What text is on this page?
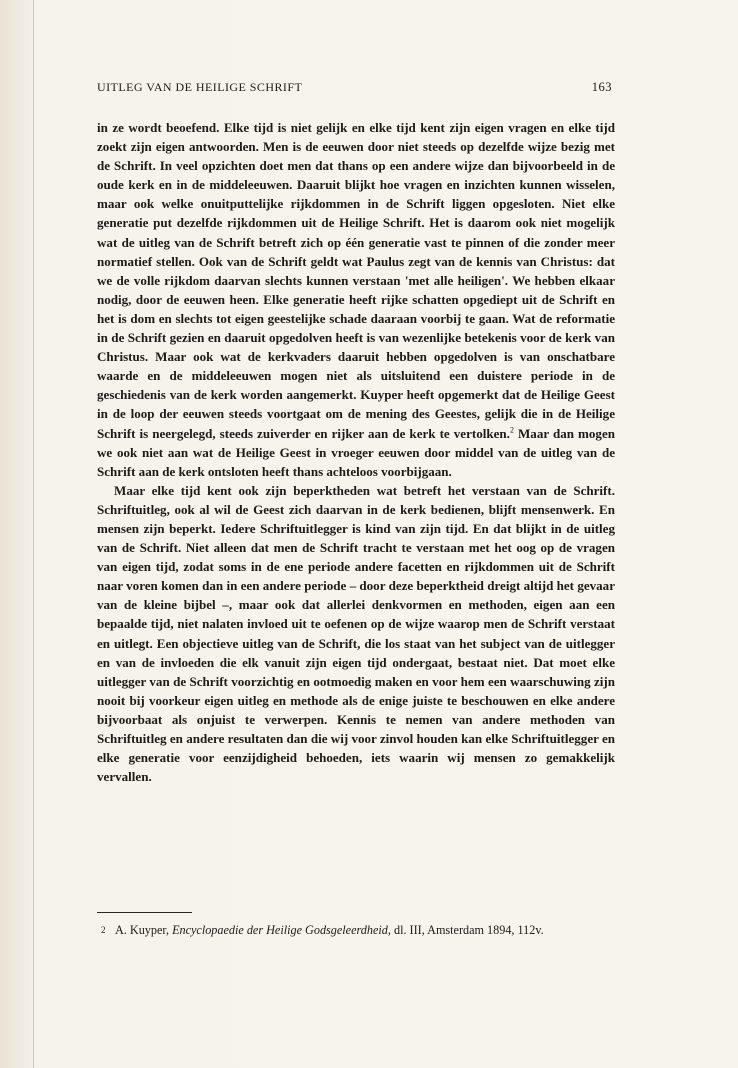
UITLEG VAN DE HEILIGE SCHRIFT	163

in ze wordt beoefend. Elke tijd is niet gelijk en elke tijd kent zijn eigen vragen en elke tijd zoekt zijn eigen antwoorden. Men is de eeuwen door niet steeds op dezelfde wijze bezig met de Schrift. In veel opzichten doet men dat thans op een andere wijze dan bijvoorbeeld in de oude kerk en in de middeleeuwen. Daaruit blijkt hoe vragen en inzichten kunnen wisselen, maar ook welke onuitputtelijke rijkdommen in de Schrift liggen opgesloten. Niet elke generatie put dezelfde rijkdommen uit de Heilige Schrift. Het is daarom ook niet mogelijk wat de uitleg van de Schrift betreft zich op één generatie vast te pinnen of die zonder meer normatief stellen. Ook van de Schrift geldt wat Paulus zegt van de kennis van Christus: dat we de volle rijkdom daarvan slechts kunnen verstaan 'met alle heiligen'. We hebben elkaar nodig, door de eeuwen heen. Elke generatie heeft rijke schatten opgediept uit de Schrift en het is dom en slechts tot eigen geestelijke schade daaraan voorbij te gaan. Wat de reformatie in de Schrift gezien en daaruit opgedolven heeft is van wezenlijke betekenis voor de kerk van Christus. Maar ook wat de kerkvaders daaruit hebben opgedolven is van onschatbare waarde en de middeleeuwen mogen niet als uitsluitend een duistere periode in de geschiedenis van de kerk worden aangemerkt. Kuyper heeft opgemerkt dat de Heilige Geest in de loop der eeuwen steeds voortgaat om de mening des Geestes, gelijk die in de Heilige Schrift is neergelegd, steeds zuiverder en rijker aan de kerk te vertolken.$^2$ Maar dan mogen we ook niet aan wat de Heilige Geest in vroeger eeuwen door middel van de uitleg van de Schrift aan de kerk ontsloten heeft thans achteloos voorbijgaan.

Maar elke tijd kent ook zijn beperktheden wat betreft het verstaan van de Schrift. Schriftuitleg, ook al wil de Geest zich daarvan in de kerk bedienen, blijft mensenwerk. En mensen zijn beperkt. Iedere Schriftuitlegger is kind van zijn tijd. En dat blijkt in de uitleg van de Schrift. Niet alleen dat men de Schrift tracht te verstaan met het oog op de vragen van eigen tijd, zodat soms in de ene periode andere facetten en rijkdommen uit de Schrift naar voren komen dan in een andere periode – door deze beperktheid dreigt altijd het gevaar van de kleine bijbel –, maar ook dat allerlei denkvormen en methoden, eigen aan een bepaalde tijd, niet nalaten invloed uit te oefenen op de wijze waarop men de Schrift verstaat en uitlegt. Een objectieve uitleg van de Schrift, die los staat van het subject van de uitlegger en van de invloeden die elk vanuit zijn eigen tijd ondergaat, bestaat niet. Dat moet elke uitlegger van de Schrift voorzichtig en ootmoedig maken en voor hem een waarschuwing zijn nooit bij voorkeur eigen uitleg en methode als de enige juiste te beschouwen en elke andere bijvoorbaat als onjuist te verwerpen. Kennis te nemen van andere methoden van Schriftuitleg en andere resultaten dan die wij voor zinvol houden kan elke Schriftuitlegger en elke generatie voor eenzijdigheid behoeden, iets waarin wij mensen zo gemakkelijk vervallen.

2 A. Kuyper, Encyclopaedie der Heilige Godsgeleerdheid, dl. III, Amsterdam 1894, 112v.
